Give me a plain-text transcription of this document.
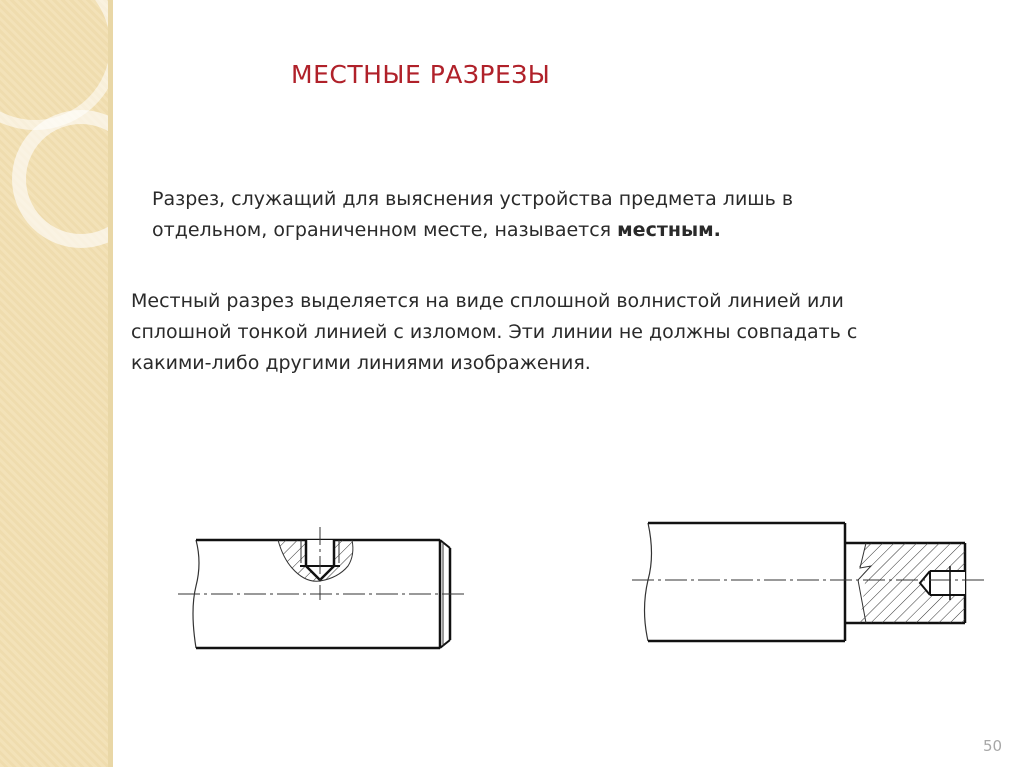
МЕСТНЫЕ РАЗРЕЗЫ
Разрез, служащий для выяснения устройства предмета лишь в
отдельном, ограниченном месте, называется местным.
Местный разрез выделяется на виде сплошной волнистой линией или
сплошной тонкой линией с изломом. Эти линии не должны совпадать с
какими-либо другими линиями изображения.
50
